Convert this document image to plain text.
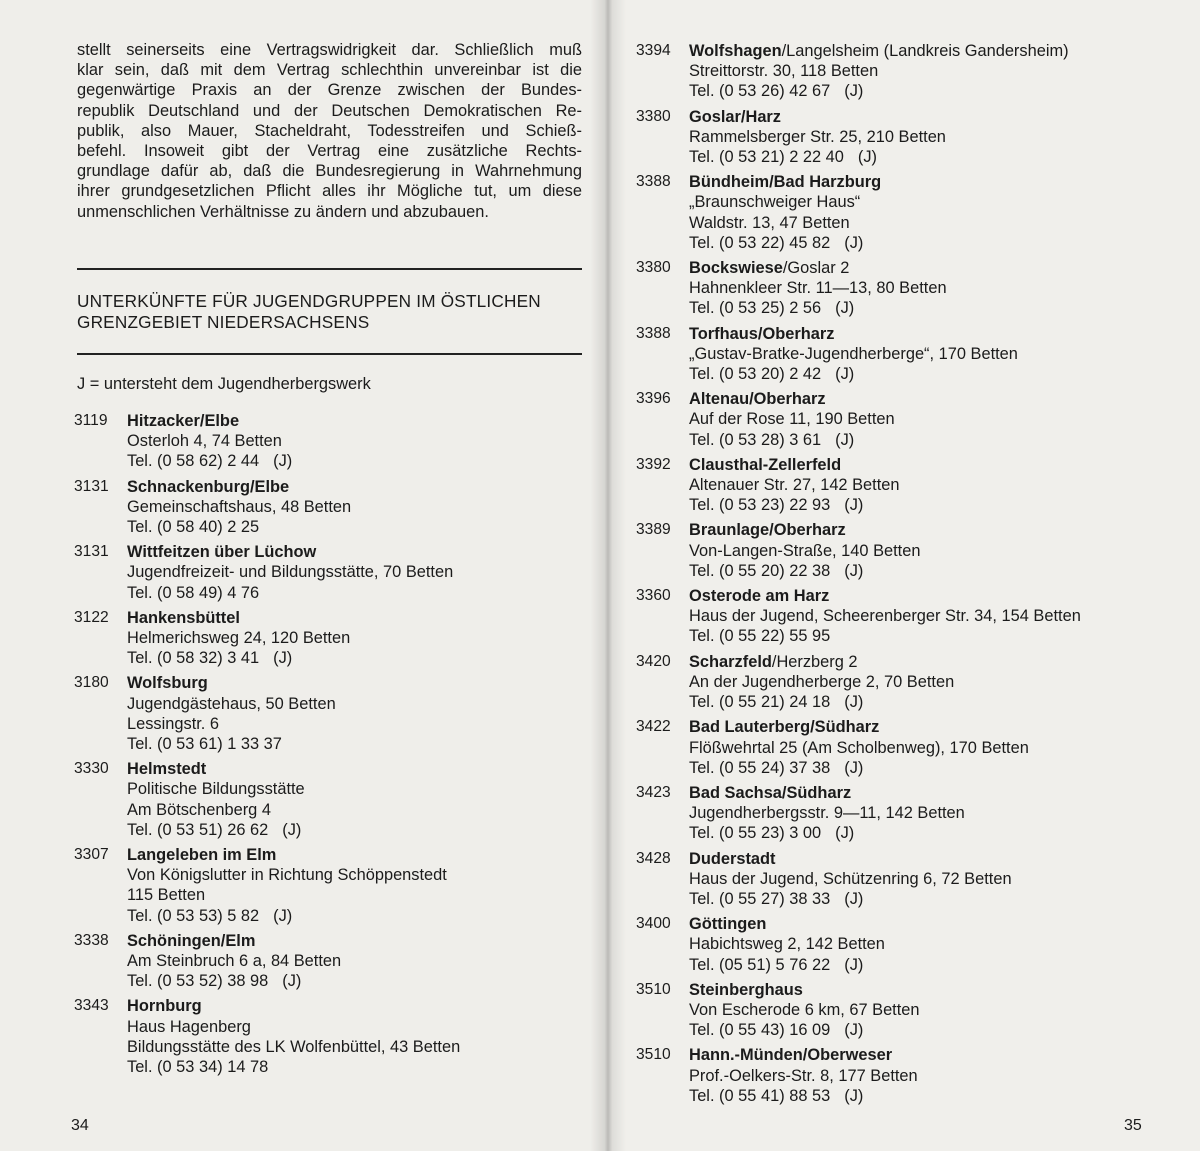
stellt seinerseits eine Vertragswidrigkeit dar. Schließlich muß
klar sein, daß mit dem Vertrag schlechthin unvereinbar ist die
gegenwärtige Praxis an der Grenze zwischen der Bundes-
republik Deutschland und der Deutschen Demokratischen Re-
publik, also Mauer, Stacheldraht, Todesstreifen und Schieß-
befehl. Insoweit gibt der Vertrag eine zusätzliche Rechts-
grundlage dafür ab, daß die Bundesregierung in Wahrnehmung
ihrer grundgesetzlichen Pflicht alles ihr Mögliche tut, um diese
unmenschlichen Verhältnisse zu ändern und abzubauen.
UNTERKÜNFTE FÜR JUGENDGRUPPEN IM ÖSTLICHEN
GRENZGEBIET NIEDERSACHSENS
J = untersteht dem Jugendherbergswerk
3119 Hitzacker/Elbe
Osterloh 4, 74 Betten
Tel. (0 58 62) 2 44 (J)
3131 Schnackenburg/Elbe
Gemeinschaftshaus, 48 Betten
Tel. (0 58 40) 2 25
3131 Wittfeitzen über Lüchow
Jugendfreizeit- und Bildungsstätte, 70 Betten
Tel. (0 58 49) 4 76
3122 Hankensbüttel
Helmerichsweg 24, 120 Betten
Tel. (0 58 32) 3 41 (J)
3180 Wolfsburg
Jugendgästehaus, 50 Betten
Lessingstr. 6
Tel. (0 53 61) 1 33 37
3330 Helmstedt
Politische Bildungsstätte
Am Bötschenberg 4
Tel. (0 53 51) 26 62 (J)
3307 Langeleben im Elm
Von Königslutter in Richtung Schöppenstedt
115 Betten
Tel. (0 53 53) 5 82 (J)
3338 Schöningen/Elm
Am Steinbruch 6 a, 84 Betten
Tel. (0 53 52) 38 98 (J)
3343 Hornburg
Haus Hagenberg
Bildungsstätte des LK Wolfenbüttel, 43 Betten
Tel. (0 53 34) 14 78
34	35
3394 Wolfshagen/Langelsheim (Landkreis Gandersheim)
Streittorstr. 30, 118 Betten
Tel. (0 53 26) 42 67 (J)
3380 Goslar/Harz
Rammelsberger Str. 25, 210 Betten
Tel. (0 53 21) 2 22 40 (J)
3388 Bündheim/Bad Harzburg
„Braunschweiger Haus“
Waldstr. 13, 47 Betten
Tel. (0 53 22) 45 82 (J)
3380 Bockswiese/Goslar 2
Hahnenkleer Str. 11—13, 80 Betten
Tel. (0 53 25) 2 56 (J)
3388 Torfhaus/Oberharz
„Gustav-Bratke-Jugendherberge“, 170 Betten
Tel. (0 53 20) 2 42 (J)
3396 Altenau/Oberharz
Auf der Rose 11, 190 Betten
Tel. (0 53 28) 3 61 (J)
3392 Clausthal-Zellerfeld
Altenauer Str. 27, 142 Betten
Tel. (0 53 23) 22 93 (J)
3389 Braunlage/Oberharz
Von-Langen-Straße, 140 Betten
Tel. (0 55 20) 22 38 (J)
3360 Osterode am Harz
Haus der Jugend, Scheerenberger Str. 34, 154 Betten
Tel. (0 55 22) 55 95
3420 Scharzfeld/Herzberg 2
An der Jugendherberge 2, 70 Betten
Tel. (0 55 21) 24 18 (J)
3422 Bad Lauterberg/Südharz
Flößwehrtal 25 (Am Scholbenweg), 170 Betten
Tel. (0 55 24) 37 38 (J)
3423 Bad Sachsa/Südharz
Jugendherbergsstr. 9—11, 142 Betten
Tel. (0 55 23) 3 00 (J)
3428 Duderstadt
Haus der Jugend, Schützenring 6, 72 Betten
Tel. (0 55 27) 38 33 (J)
3400 Göttingen
Habichtsweg 2, 142 Betten
Tel. (05 51) 5 76 22 (J)
3510 Steinberghaus
Von Escherode 6 km, 67 Betten
Tel. (0 55 43) 16 09 (J)
3510 Hann.-Münden/Oberweser
Prof.-Oelkers-Str. 8, 177 Betten
Tel. (0 55 41) 88 53 (J)
